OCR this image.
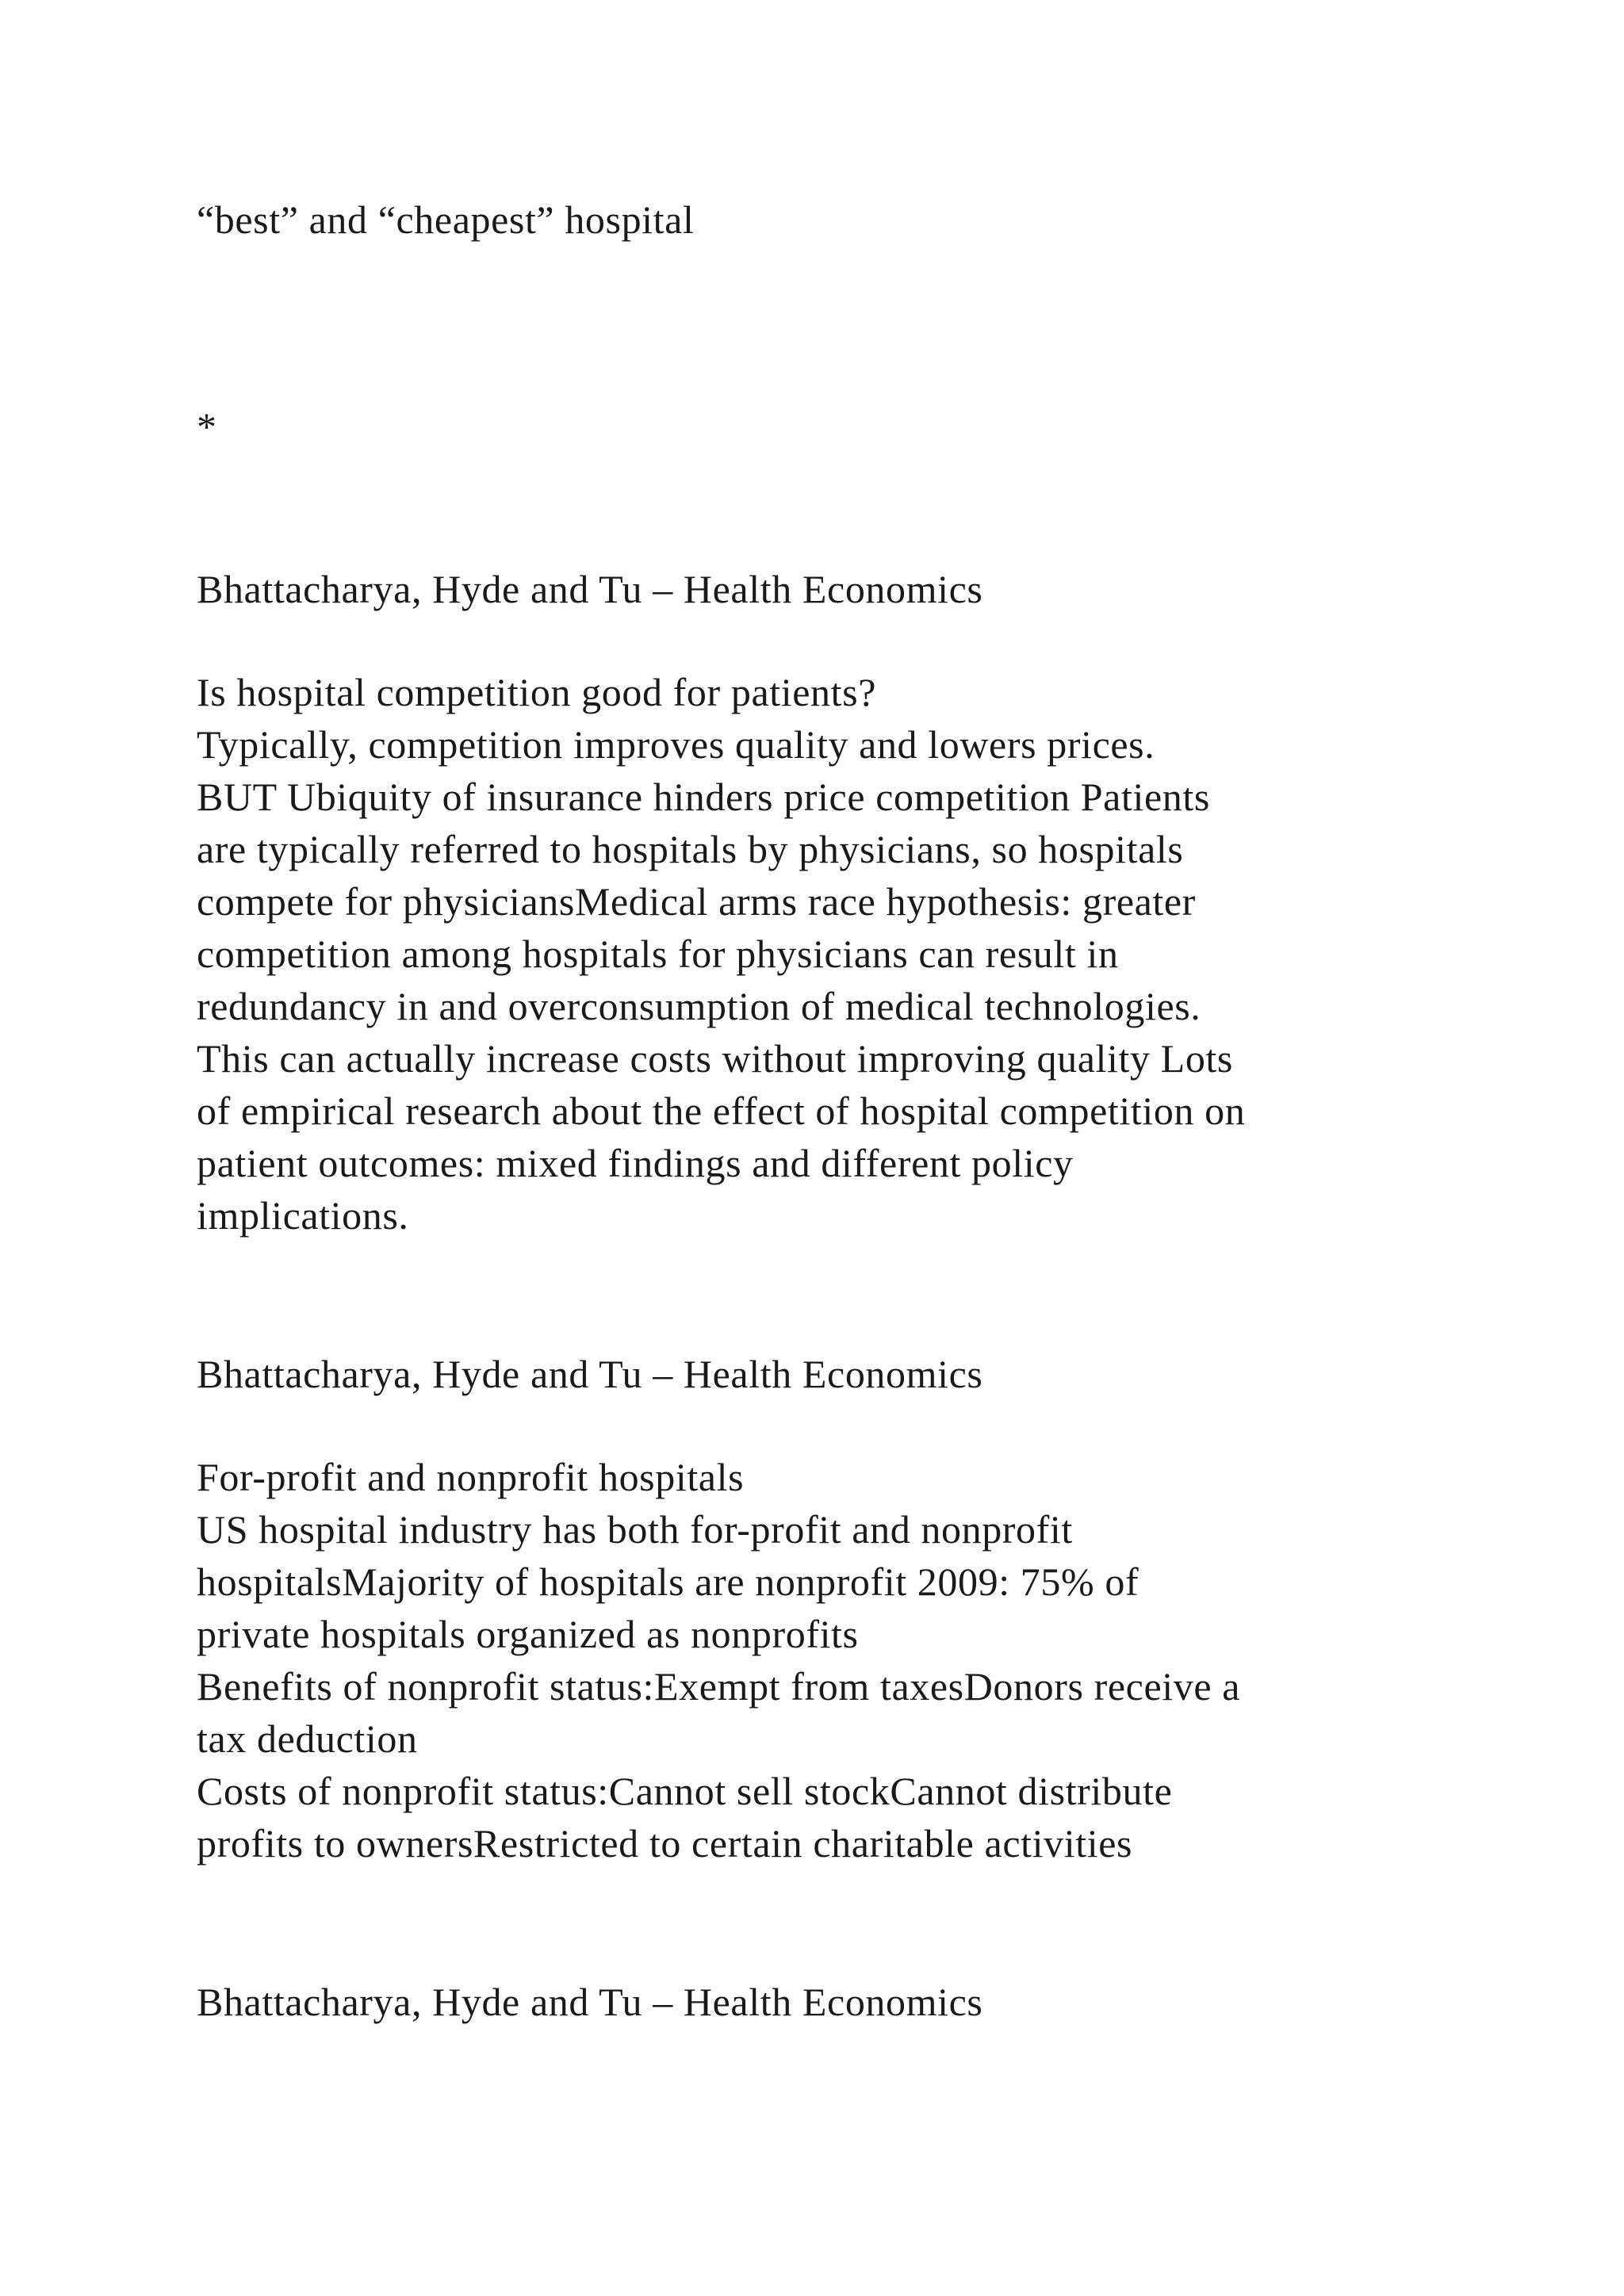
“best” and “cheapest” hospital

*

Bhattacharya, Hyde and Tu – Health Economics

Is hospital competition good for patients?

Typically, competition improves quality and lowers prices.

BUT Ubiquity of insurance hinders price competition Patients

are typically referred to hospitals by physicians, so hospitals

compete for physiciansMedical arms race hypothesis: greater

competition among hospitals for physicians can result in

redundancy in and overconsumption of medical technologies.

This can actually increase costs without improving quality Lots

of empirical research about the effect of hospital competition on

patient outcomes: mixed findings and different policy

implications.

Bhattacharya, Hyde and Tu – Health Economics

For-profit and nonprofit hospitals

US hospital industry has both for-profit and nonprofit

hospitalsMajority of hospitals are nonprofit 2009: 75% of

private hospitals organized as nonprofits

Benefits of nonprofit status:Exempt from taxesDonors receive a

tax deduction

Costs of nonprofit status:Cannot sell stockCannot distribute

profits to ownersRestricted to certain charitable activities

Bhattacharya, Hyde and Tu – Health Economics
